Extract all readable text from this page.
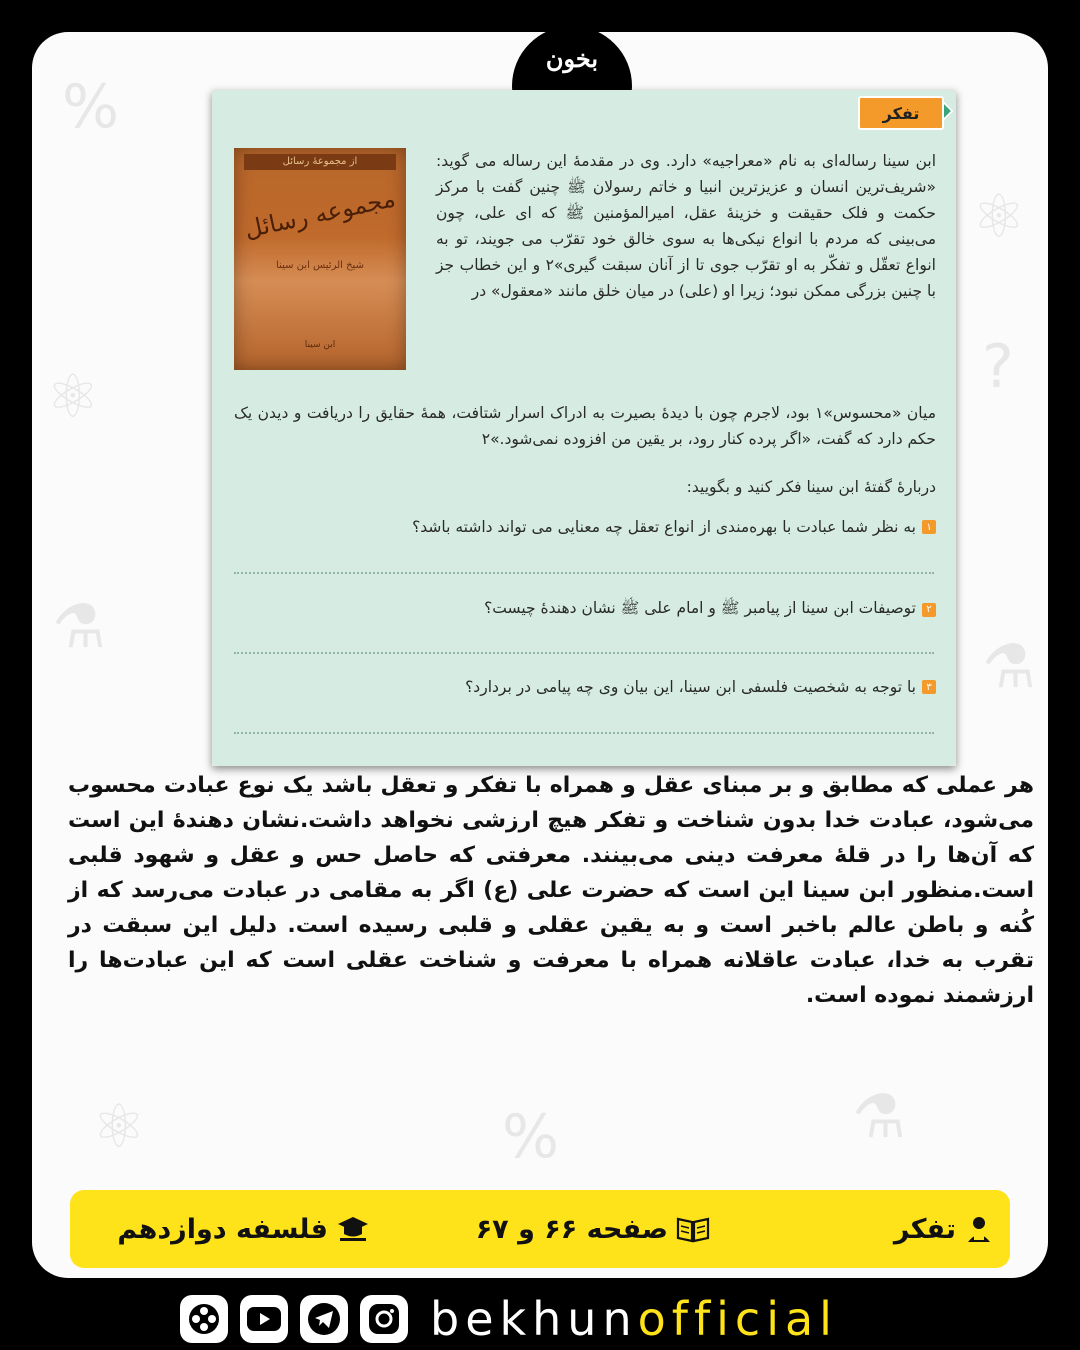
%
⚛
⚗
⚛
?
⚗
⚛	%	⚗
بخون
تفکر
از مجموعهٔ رسائل
مجموعه رسائل
شیخ الرئیس ابن سینا
ابن سینا
ابن سینا رساله‌ای به نام «معراجیه» دارد. وی در مقدمهٔ این رساله می گوید: «شریف‌ترین انسان و عزیزترین انبیا و خاتم رسولان ﷺ چنین گفت با مرکز حکمت و فلک حقیقت و خزینهٔ عقل، امیرالمؤمنین ﷺ که ای علی، چون می‌بینی که مردم با انواع نیکی‌ها به سوی خالق خود تقرّب می جویند، تو به انواع تعقّل و تفکّر به او تقرّب جوی تا از آنان سبقت گیری»۲ و این خطاب جز با چنین بزرگی ممکن نبود؛ زیرا او (علی) در میان خلق مانند «معقول» در
میان «محسوس»۱ بود، لاجرم چون با دیدهٔ بصیرت به ادراک اسرار شتافت، همهٔ حقایق را دریافت و دیدن یک حکم دارد که گفت، «اگر پرده کنار رود، بر یقین من افزوده نمی‌شود.»۲
دربارهٔ گفتهٔ ابن سینا فکر کنید و بگویید:
۱
به نظر شما عبادت با بهره‌مندی از انواع تعقل چه معنایی می تواند داشته باشد؟
۲
توصیفات ابن سینا از پیامبر ﷺ و امام علی ﷺ نشان دهندهٔ چیست؟
۳
با توجه به شخصیت فلسفی ابن سینا، این بیان وی چه پیامی در بردارد؟
هر عملی که مطابق و بر مبنای عقل و همراه با تفکر و تعقل باشد یک نوع عبادت محسوب می‌شود، عبادت خدا بدون شناخت و تفکر هیچ ارزشی نخواهد داشت.نشان دهندهٔ این است که آن‌ها را در قلهٔ معرفت دینی می‌بینند. معرفتی که حاصل حس و عقل و شهود قلبی است.منظور ابن سینا این است که حضرت علی (ع) اگر به مقامی در عبادت می‌رسد که از کُنه و باطن عالم باخبر است و به یقین عقلی و قلبی رسیده است. دلیل این سبقت در تقرب به خدا، عبادت عاقلانه همراه با معرفت و شناخت عقلی است که این عبادت‌ها را ارزشمند نموده است.
تفکر
صفحه ۶۶ و ۶۷
فلسفه دوازدهم
bekhunofficial
